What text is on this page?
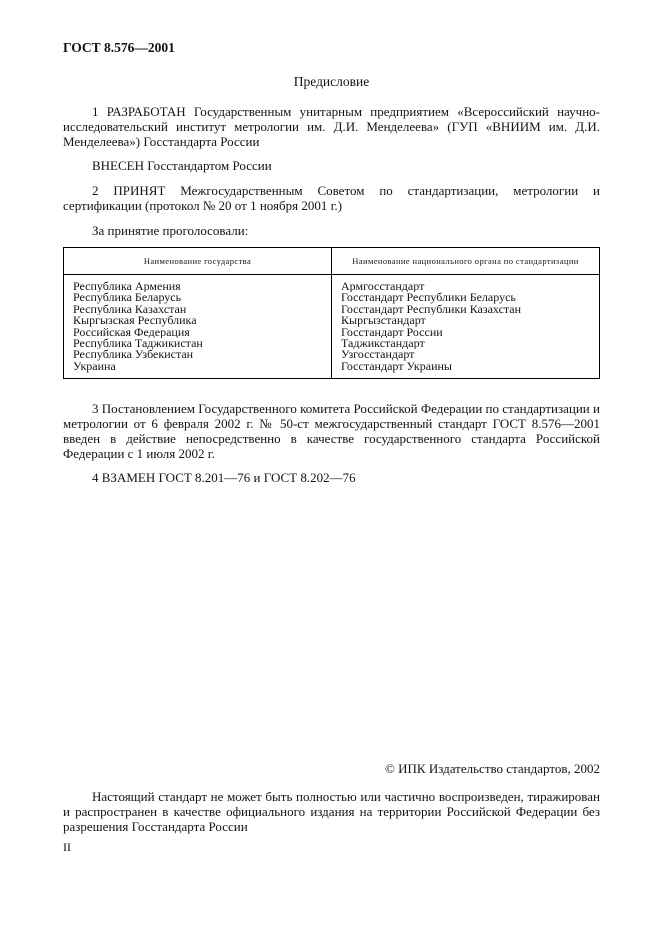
ГОСТ 8.576—2001
Предисловие

1 РАЗРАБОТАН Государственным унитарным предприятием «Всероссийский научно-исследовательский институт метрологии им. Д.И. Менделеева» (ГУП «ВНИИМ им. Д.И. Менделеева») Госстандарта России

ВНЕСЕН Госстандартом России

2 ПРИНЯТ Межгосударственным Советом по стандартизации, метрологии и сертификации (протокол № 20 от 1 ноября 2001 г.)

За принятие проголосовали:

Наименование государства	Наименование национального органа по стандартизации
Республика Армения	Армгосстандарт
Республика Беларусь	Госстандарт Республики Беларусь
Республика Казахстан	Госстандарт Республики Казахстан
Кыргызская Республика	Кыргызстандарт
Российская Федерация	Госстандарт России
Республика Таджикистан	Таджикстандарт
Республика Узбекистан	Узгосстандарт
Украина	Госстандарт Украины

3 Постановлением Государственного комитета Российской Федерации по стандартизации и метрологии от 6 февраля 2002 г. № 50-ст межгосударственный стандарт ГОСТ 8.576—2001 введен в действие непосредственно в качестве государственного стандарта Российской Федерации с 1 июля 2002 г.

4 ВЗАМЕН ГОСТ 8.201—76 и ГОСТ 8.202—76

© ИПК Издательство стандартов, 2002

Настоящий стандарт не может быть полностью или частично воспроизведен, тиражирован и распространен в качестве официального издания на территории Российской Федерации без разрешения Госстандарта России

II
